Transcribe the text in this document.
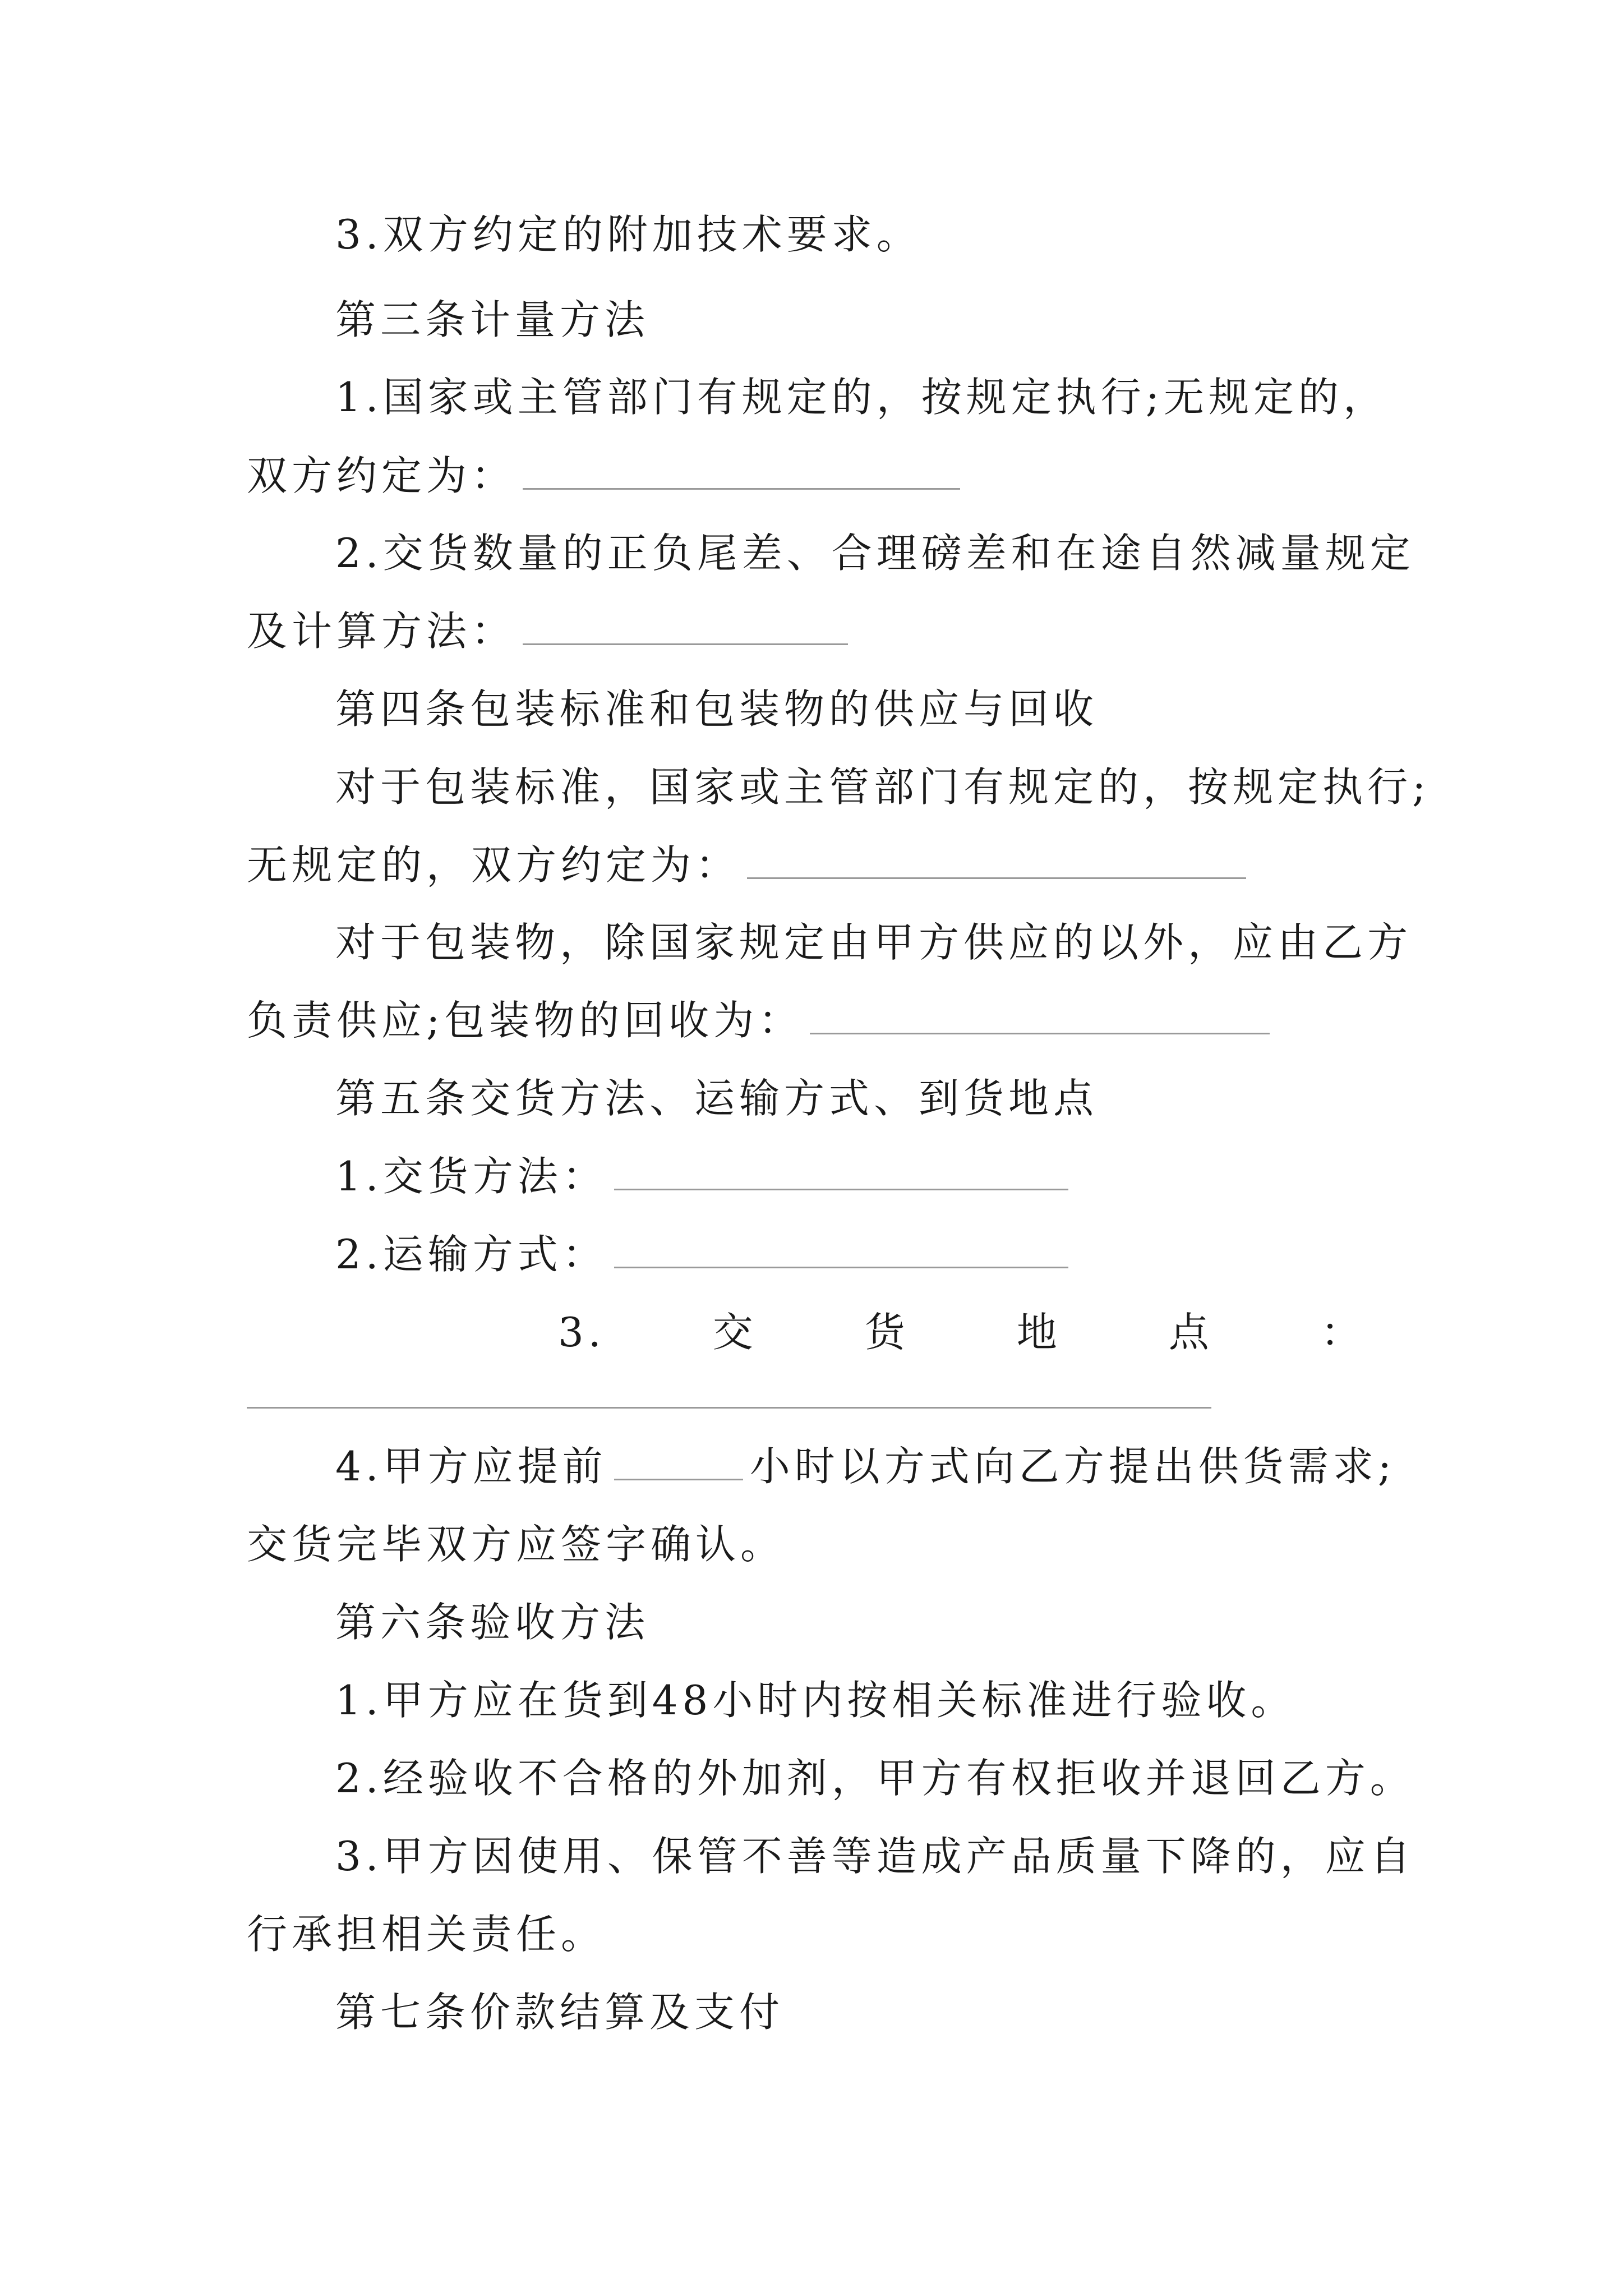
3.双方约定的附加技术要求。
第三条计量方法
1.国家或主管部门有规定的，按规定执行;无规定的，
双方约定为：
2.交货数量的正负尾差、合理磅差和在途自然减量规定
及计算方法：
第四条包装标准和包装物的供应与回收
对于包装标准，国家或主管部门有规定的，按规定执行;
无规定的，双方约定为：
对于包装物，除国家规定由甲方供应的以外，应由乙方
负责供应;包装物的回收为：
第五条交货方法、运输方式、到货地点
1.交货方法：
2.运输方式：
3.	交	货	地	点	：
4.甲方应提前	小时以方式向乙方提出供货需求;
交货完毕双方应签字确认。
第六条验收方法
1.甲方应在货到48小时内按相关标准进行验收。
2.经验收不合格的外加剂，甲方有权拒收并退回乙方。
3.甲方因使用、保管不善等造成产品质量下降的，应自
行承担相关责任。
第七条价款结算及支付
